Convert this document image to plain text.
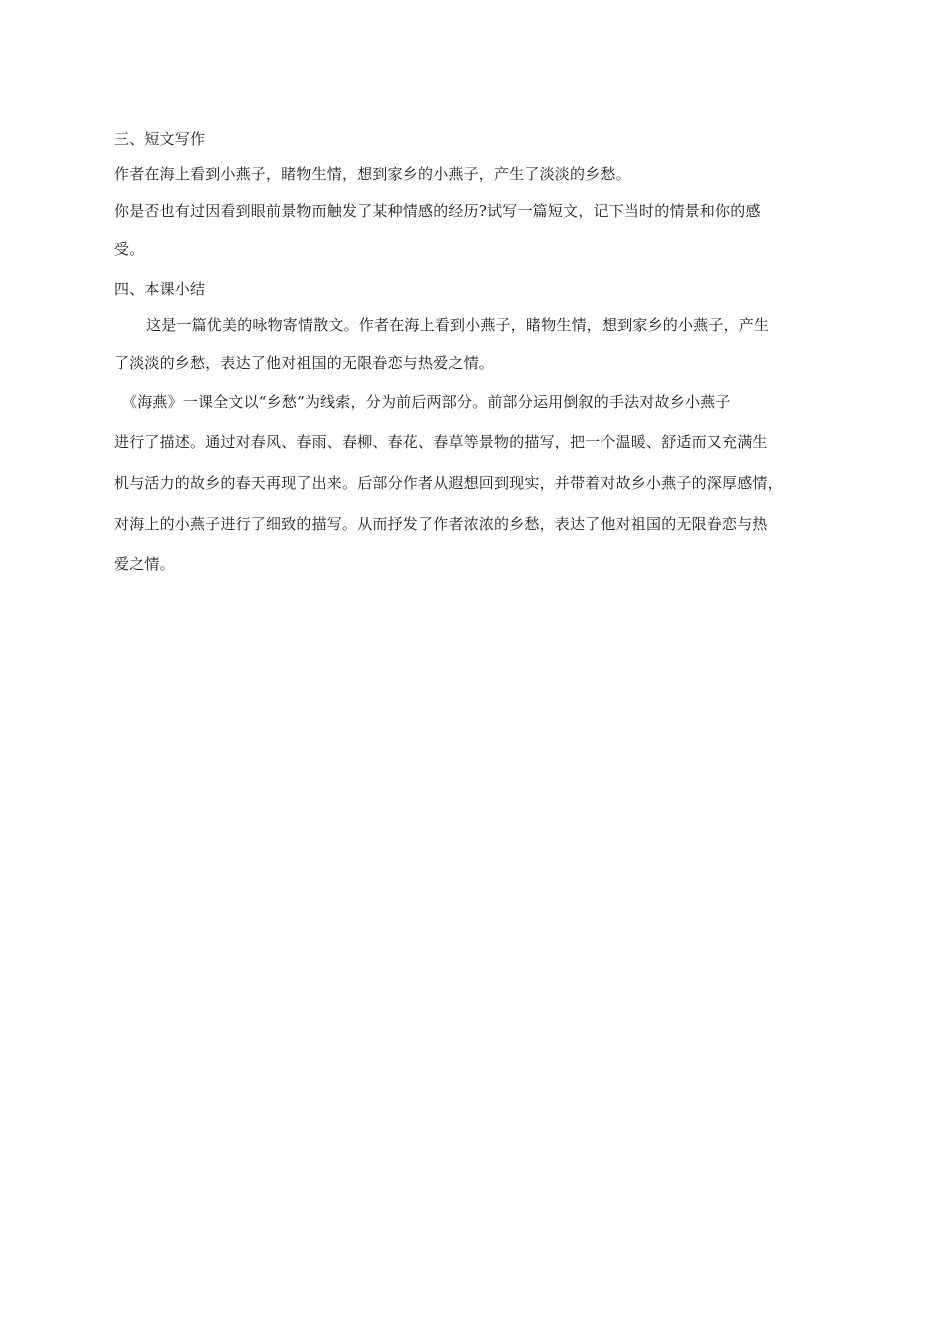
三、短文写作
作者在海上看到小燕子，睹物生情，想到家乡的小燕子，产生了淡淡的乡愁。
你是否也有过因看到眼前景物而触发了某种情感的经历?试写一篇短文，记下当时的情景和你的感
受。
四、本课小结
这是一篇优美的咏物寄情散文。作者在海上看到小燕子，睹物生情，想到家乡的小燕子，产生
了淡淡的乡愁，表达了他对祖国的无限眷恋与热爱之情。
《海燕》一课全文以“乡愁”为线索，分为前后两部分。前部分运用倒叙的手法对故乡小燕子
进行了描述。通过对春风、春雨、春柳、春花、春草等景物的描写，把一个温暖、舒适而又充满生
机与活力的故乡的春天再现了出来。后部分作者从遐想回到现实，并带着对故乡小燕子的深厚感情，
对海上的小燕子进行了细致的描写。从而抒发了作者浓浓的乡愁，表达了他对祖国的无限眷恋与热
爱之情。
